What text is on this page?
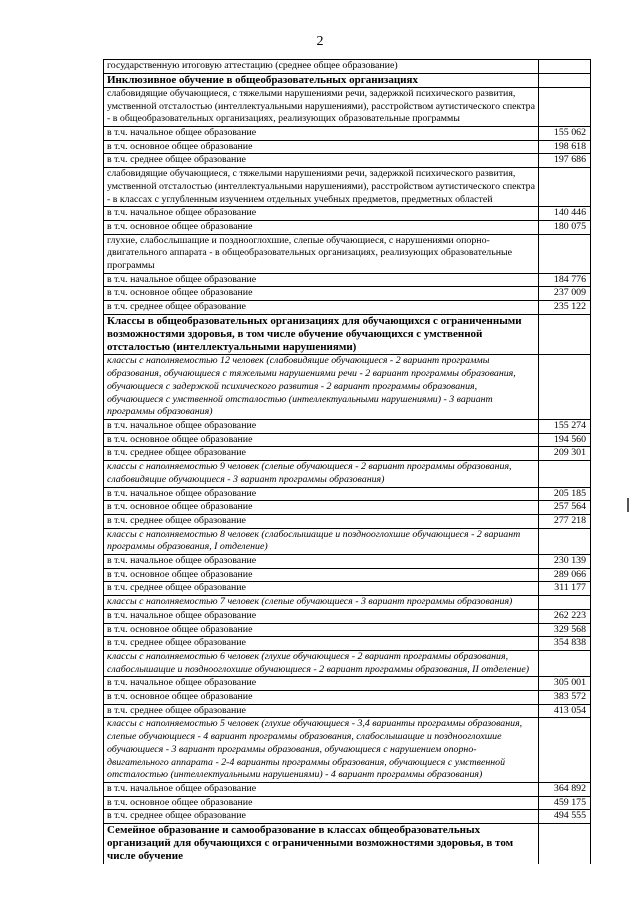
2
государственную итоговую аттестацию (среднее общее образование)	
Инклюзивное обучение в общеобразовательных организациях	
слабовидящие обучающиеся, с тяжелыми нарушениями речи, задержкой психического развития, умственной отсталостью (интеллектуальными нарушениями), расстройством аутистического спектра - в общеобразовательных организациях, реализующих образовательные программы	
в т.ч. начальное общее образование	155 062
в т.ч. основное общее образование	198 618
в т.ч. среднее общее образование	197 686
слабовидящие обучающиеся, с тяжелыми нарушениями речи, задержкой психического развития, умственной отсталостью (интеллектуальными нарушениями), расстройством аутистического спектра - в классах с углубленным изучением отдельных учебных предметов, предметных областей	
в т.ч. начальное общее образование	140 446
в т.ч. основное общее образование	180 075
глухие, слабослышащие и позднооглохшие, слепые обучающиеся, с нарушениями опорно-двигательного аппарата - в общеобразовательных организациях, реализующих образовательные программы	
в т.ч. начальное общее образование	184 776
в т.ч. основное общее образование	237 009
в т.ч. среднее общее образование	235 122
Классы в общеобразовательных организациях для обучающихся с ограниченными возможностями здоровья, в том числе обучение обучающихся с умственной отсталостью (интеллектуальными нарушениями)	
классы с наполняемостью 12 человек (слабовидящие обучающиеся - 2 вариант программы образования, обучающиеся с тяжелыми нарушениями речи - 2 вариант программы образования, обучающиеся с задержкой психического развития - 2 вариант программы образования, обучающиеся с умственной отсталостью (интеллектуальными нарушениями) - 3 вариант программы образования)	
в т.ч. начальное общее образование	155 274
в т.ч. основное общее образование	194 560
в т.ч. среднее общее образование	209 301
классы с наполняемостью 9 человек (слепые обучающиеся - 2 вариант программы образования, слабовидящие обучающиеся - 3 вариант программы образования)	
в т.ч. начальное общее образование	205 185
в т.ч. основное общее образование	257 564
в т.ч. среднее общее образование	277 218
классы с наполняемостью 8 человек (слабослышащие и позднооглохшие обучающиеся - 2 вариант программы образования, I отделение)	
в т.ч. начальное общее образование	230 139
в т.ч. основное общее образование	289 066
в т.ч. среднее общее образование	311 177
классы с наполняемостью 7 человек (слепые обучающиеся - 3 вариант программы образования)	
в т.ч. начальное общее образование	262 223
в т.ч. основное общее образование	329 568
в т.ч. среднее общее образование	354 838
классы с наполняемостью 6 человек (глухие обучающиеся - 2 вариант программы образования, слабослышащие и позднооглохшие обучающиеся - 2 вариант программы образования, II отделение)	
в т.ч. начальное общее образование	305 001
в т.ч. основное общее образование	383 572
в т.ч. среднее общее образование	413 054
классы с наполняемостью 5 человек (глухие обучающиеся - 3,4 варианты программы образования, слепые обучающиеся - 4 вариант программы образования, слабослышащие и позднооглохшие обучающиеся - 3 вариант программы образования, обучающиеся с нарушением опорно-двигательного аппарата - 2-4 варианты программы образования, обучающиеся с умственной отсталостью (интеллектуальными нарушениями) - 4 вариант программы образования)	
в т.ч. начальное общее образование	364 892
в т.ч. основное общее образование	459 175
в т.ч. среднее общее образование	494 555
Семейное образование и самообразование в классах общеобразовательных организаций для обучающихся с ограниченными возможностями здоровья, в том числе обучение	
